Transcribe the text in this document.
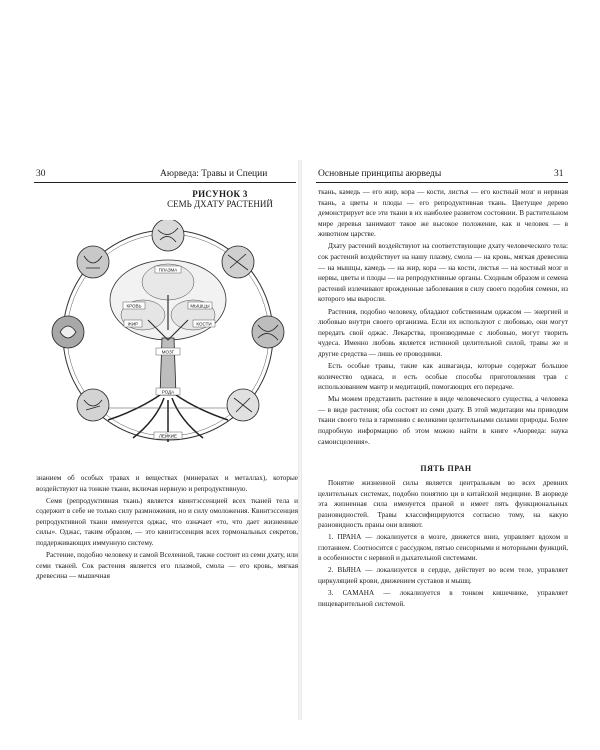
30	Аюрведа: Травы и Специи
РИСУНОК 3
СЕМЬ ДХАТУ РАСТЕНИЙ
ПЛАЗМА
КРОВЬ	МЫШЦЫ
ЖИР	КОСТИ
МОЗГ
РОДА
ЛЕЙКИЕ

знанием об особых травах и веществах (минералах и металлах), которые воздействуют на тонкие ткани, включая нервную и репродуктивную.

Семя (репродуктивная ткань) является квинтэссенцией всех тканей тела и содержит в себе не только силу размножения, но и силу омоложения. Квинтэссенция репродуктивной ткани именуется оджас, что означает «то, что дает жизненные силы». Оджас, таким образом, — это квинтэссенция всех гормональных секретов, поддерживающих иммунную систему.

Растение, подобно человеку и самой Вселенной, также состоит из семи дхату, или семи тканей. Сок растения является его плазмой, смола — его кровь, мягкая древесина — мышечная

Основные принципы аюрведы	31

ткань, камедь — его жир, кора — кости, листья — его костный мозг и нервная ткань, а цветы и плоды — его репродуктивная ткань. Цветущее дерево демонстрирует все эти ткани в их наиболее развитом состоянии. В растительном мире деревья занимают такое же высокое положение, как и человек — в животном царстве.

Дхату растений воздействуют на соответствующие дхату человеческого тела: сок растений воздействует на нашу плазму, смола — на кровь, мягкая древесина — на мышцы, камедь — на жир, кора — на кости, листья — на костный мозг и нервы, цветы и плоды — на репродуктивные органы. Сходным образом и семена растений излечивают врожденные заболевания в силу своего подобия семени, из которого мы выросли.

Растения, подобно человеку, обладают собственным оджасом — энергией и любовью внутри своего организма. Если их используют с любовью, они могут передать свой оджас. Лекарства, производимые с любовью, могут творить чудеса. Именно любовь является истинной целительной силой, травы же и другие средства — лишь ее проводники.

Есть особые травы, такие как ашваганда, которые содержат большое количество оджаса, и есть особые способы приготовления трав с использованием мантр и медитаций, помогающих его передаче.

Мы можем представить растение в виде человеческого существа, а человека — в виде растения; оба состоят из семи дхату. В этой медитации мы приводим ткани своего тела в гармонию с великими целительными силами природы. Более подробную информацию об этом можно найти в книге «Аюрведа: наука самоисцеления».

ПЯТЬ ПРАН

Понятие жизненной силы является центральным во всех древних целительных системах, подобно понятию ци в китайской медицине. В аюрведе эта жизненная сила именуется праной и имеет пять функциональных разновидностей. Травы классифицируются согласно тому, на какую разновидность праны они влияют.

1. ПРАНА — локализуется в мозге, движется вниз, управляет вдохом и глотанием. Соотносится с рассудком, пятью сенсорными и моторными функций, в особенности с нервной и дыхательной системами.

2. ВЬЯНА — локализуется в сердце, действует во всем теле, управляет циркуляцией крови, движением суставов и мышц.

3. САМАНА — локализуется в тонком кишечнике, управляет пищеварительной системой.
